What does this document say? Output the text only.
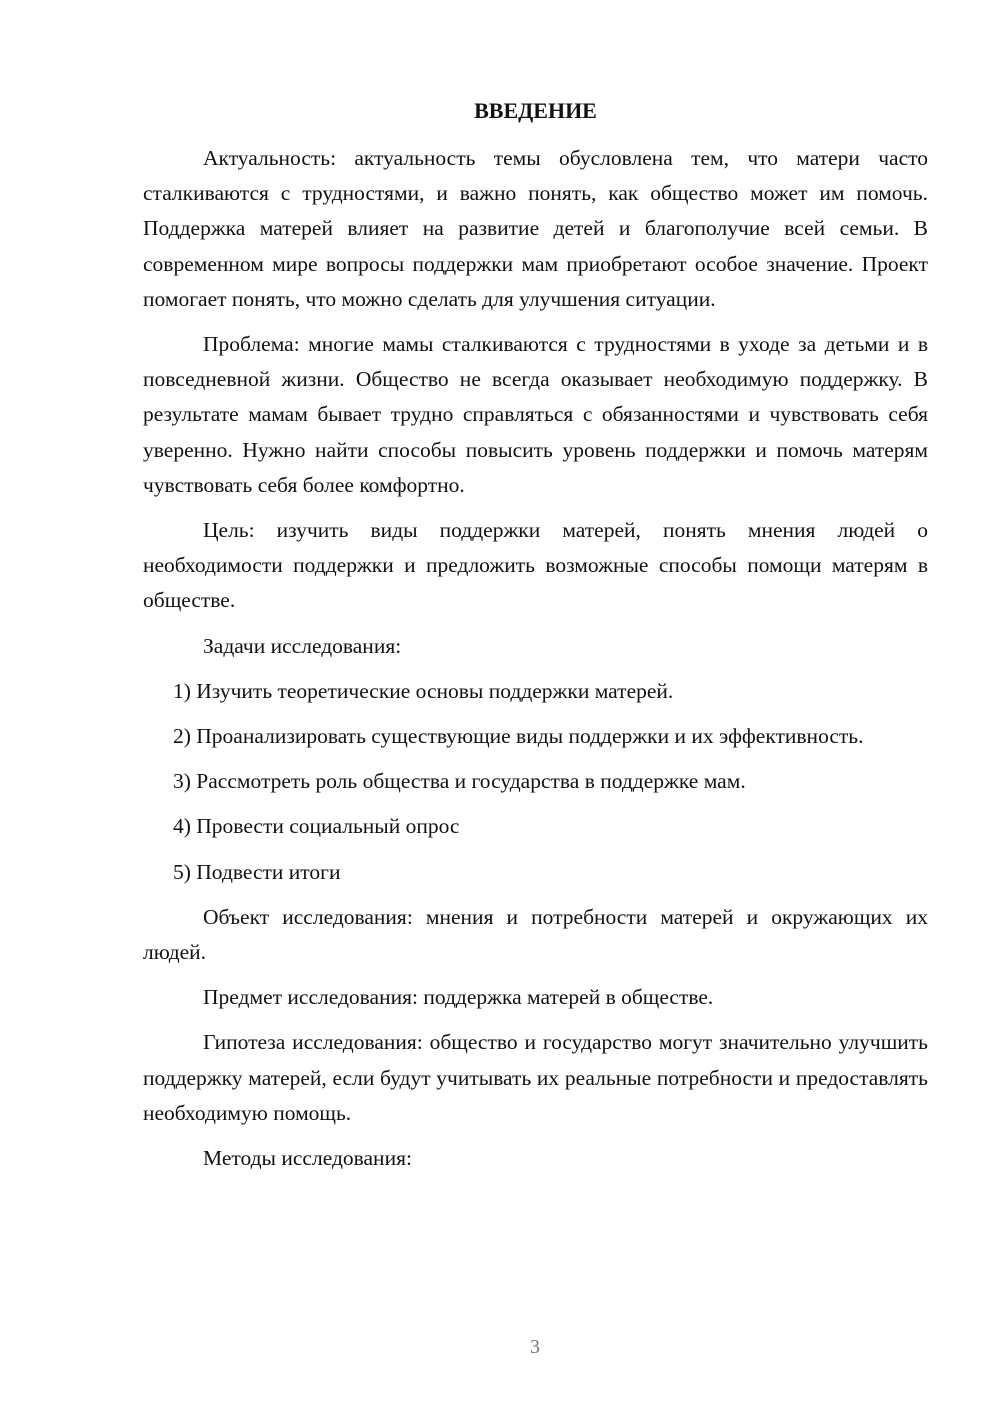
ВВЕДЕНИЕ

Актуальность: актуальность темы обусловлена тем, что матери часто сталкиваются с трудностями, и важно понять, как общество может им помочь. Поддержка матерей влияет на развитие детей и благополучие всей семьи. В современном мире вопросы поддержки мам приобретают особое значение. Проект помогает понять, что можно сделать для улучшения ситуации.

Проблема: многие мамы сталкиваются с трудностями в уходе за детьми и в повседневной жизни. Общество не всегда оказывает необходимую поддержку. В результате мамам бывает трудно справляться с обязанностями и чувствовать себя уверенно. Нужно найти способы повысить уровень поддержки и помочь матерям чувствовать себя более комфортно.

Цель: изучить виды поддержки матерей, понять мнения людей о необходимости поддержки и предложить возможные способы помощи матерям в обществе.

Задачи исследования:

1) Изучить теоретические основы поддержки матерей.

2) Проанализировать существующие виды поддержки и их эффективность.

3) Рассмотреть роль общества и государства в поддержке мам.

4) Провести социальный опрос

5) Подвести итоги

Объект исследования: мнения и потребности матерей и окружающих их людей.

Предмет исследования: поддержка матерей в обществе.

Гипотеза исследования: общество и государство могут значительно улучшить поддержку матерей, если будут учитывать их реальные потребности и предоставлять необходимую помощь.

Методы исследования:

3
